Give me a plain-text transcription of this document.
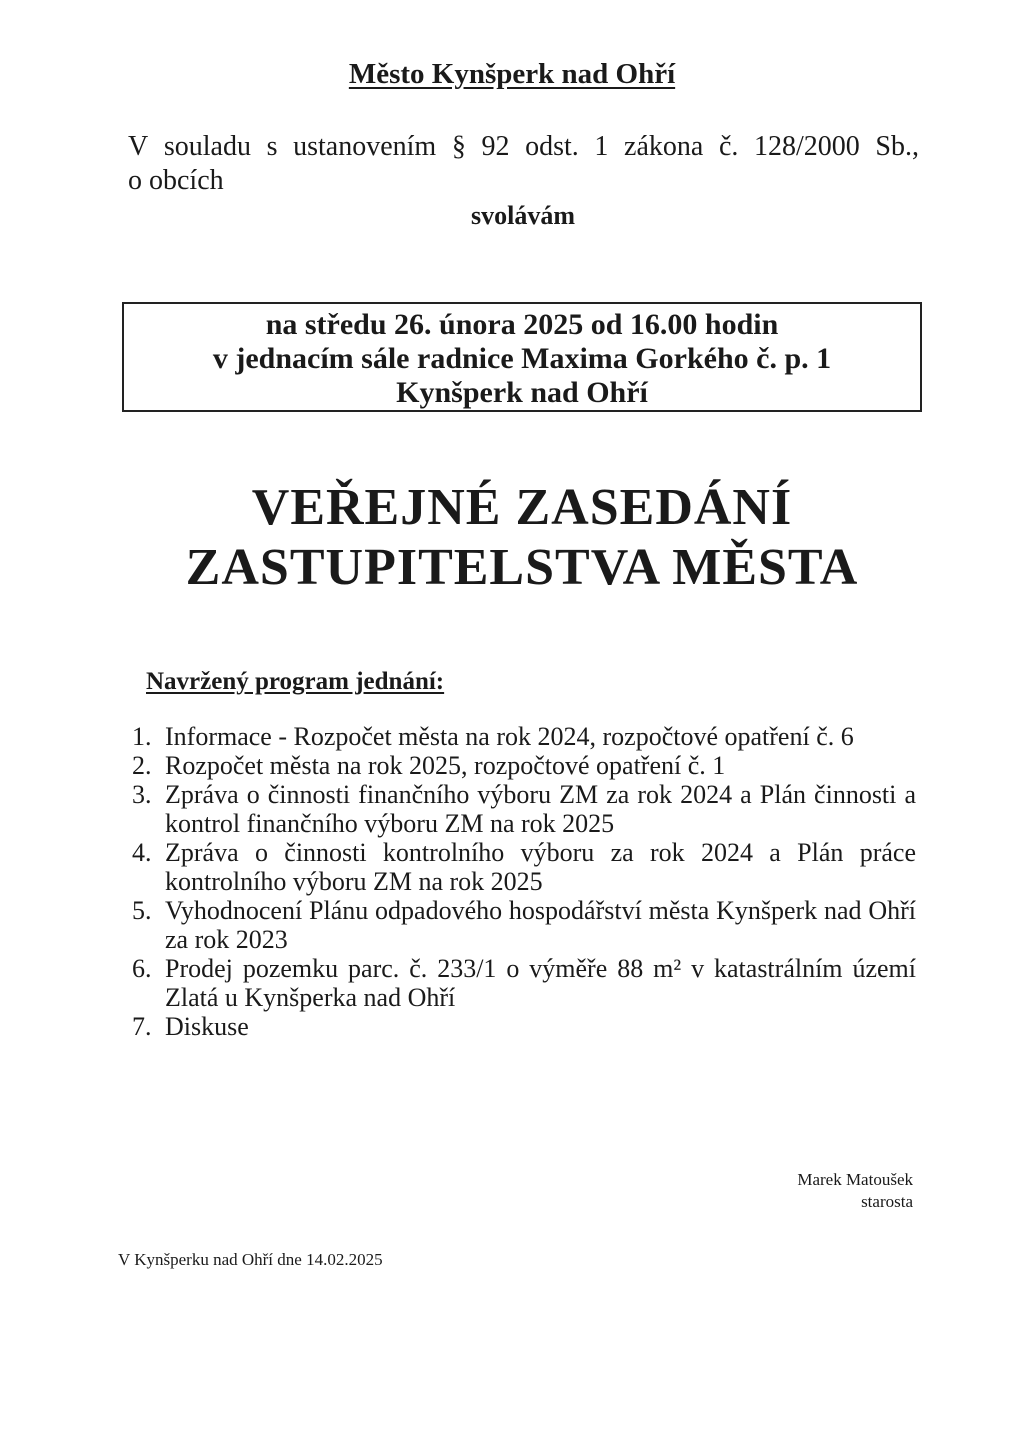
Město Kynšperk nad Ohří
V souladu s ustanovením § 92 odst. 1 zákona č. 128/2000 Sb.,
o obcích
svolávám
na středu 26. února 2025 od 16.00 hodin
v jednacím sále radnice Maxima Gorkého č. p. 1
Kynšperk nad Ohří
VEŘEJNÉ ZASEDÁNÍ
ZASTUPITELSTVA MĚSTA
Navržený program jednání:
1. Informace - Rozpočet města na rok 2024, rozpočtové opatření č. 6
2. Rozpočet města na rok 2025, rozpočtové opatření č. 1
3. Zpráva o činnosti finančního výboru ZM za rok 2024 a Plán činnosti a kontrol finančního výboru ZM na rok 2025
4. Zpráva o činnosti kontrolního výboru za rok 2024 a Plán práce kontrolního výboru ZM na rok 2025
5. Vyhodnocení Plánu odpadového hospodářství města Kynšperk nad Ohří za rok 2023
6. Prodej pozemku parc. č. 233/1 o výměře 88 m² v katastrálním území Zlatá u Kynšperka nad Ohří
7. Diskuse
Marek Matoušek
starosta
V Kynšperku nad Ohří dne 14.02.2025
